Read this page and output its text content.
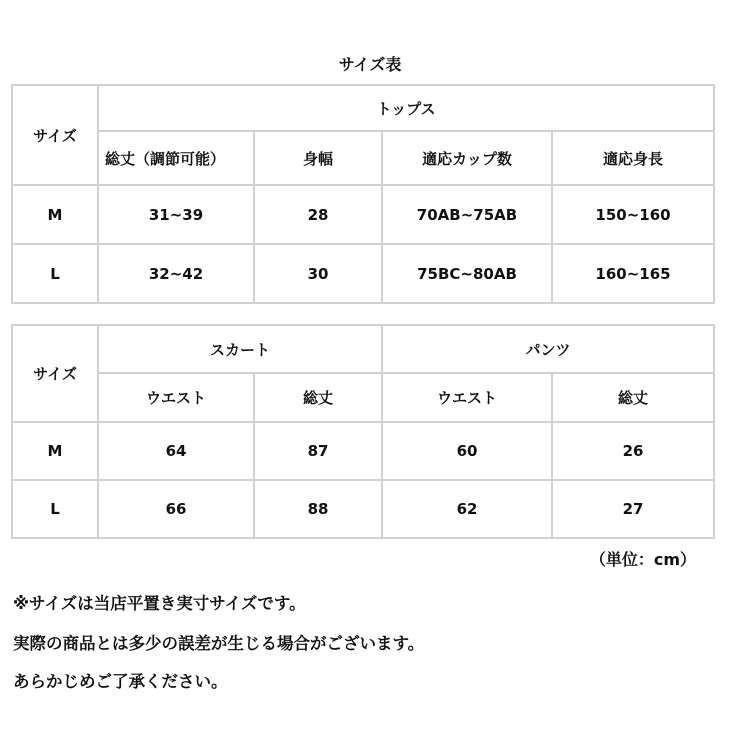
サイズ表
サイズ	トップス			
	総丈（調節可能）	身幅	適応カップ数	適応身長
M	31~39	28	70AB~75AB	150~160
L	32~42	30	75BC~80AB	160~165
サイズ	スカート		パンツ	
	ウエスト	総丈	ウエスト	総丈
M	64	87	60	26
L	66	88	62	27
（単位：cm）
※サイズは当店平置き実寸サイズです。
実際の商品とは多少の誤差が生じる場合がございます。
あらかじめご了承ください。
